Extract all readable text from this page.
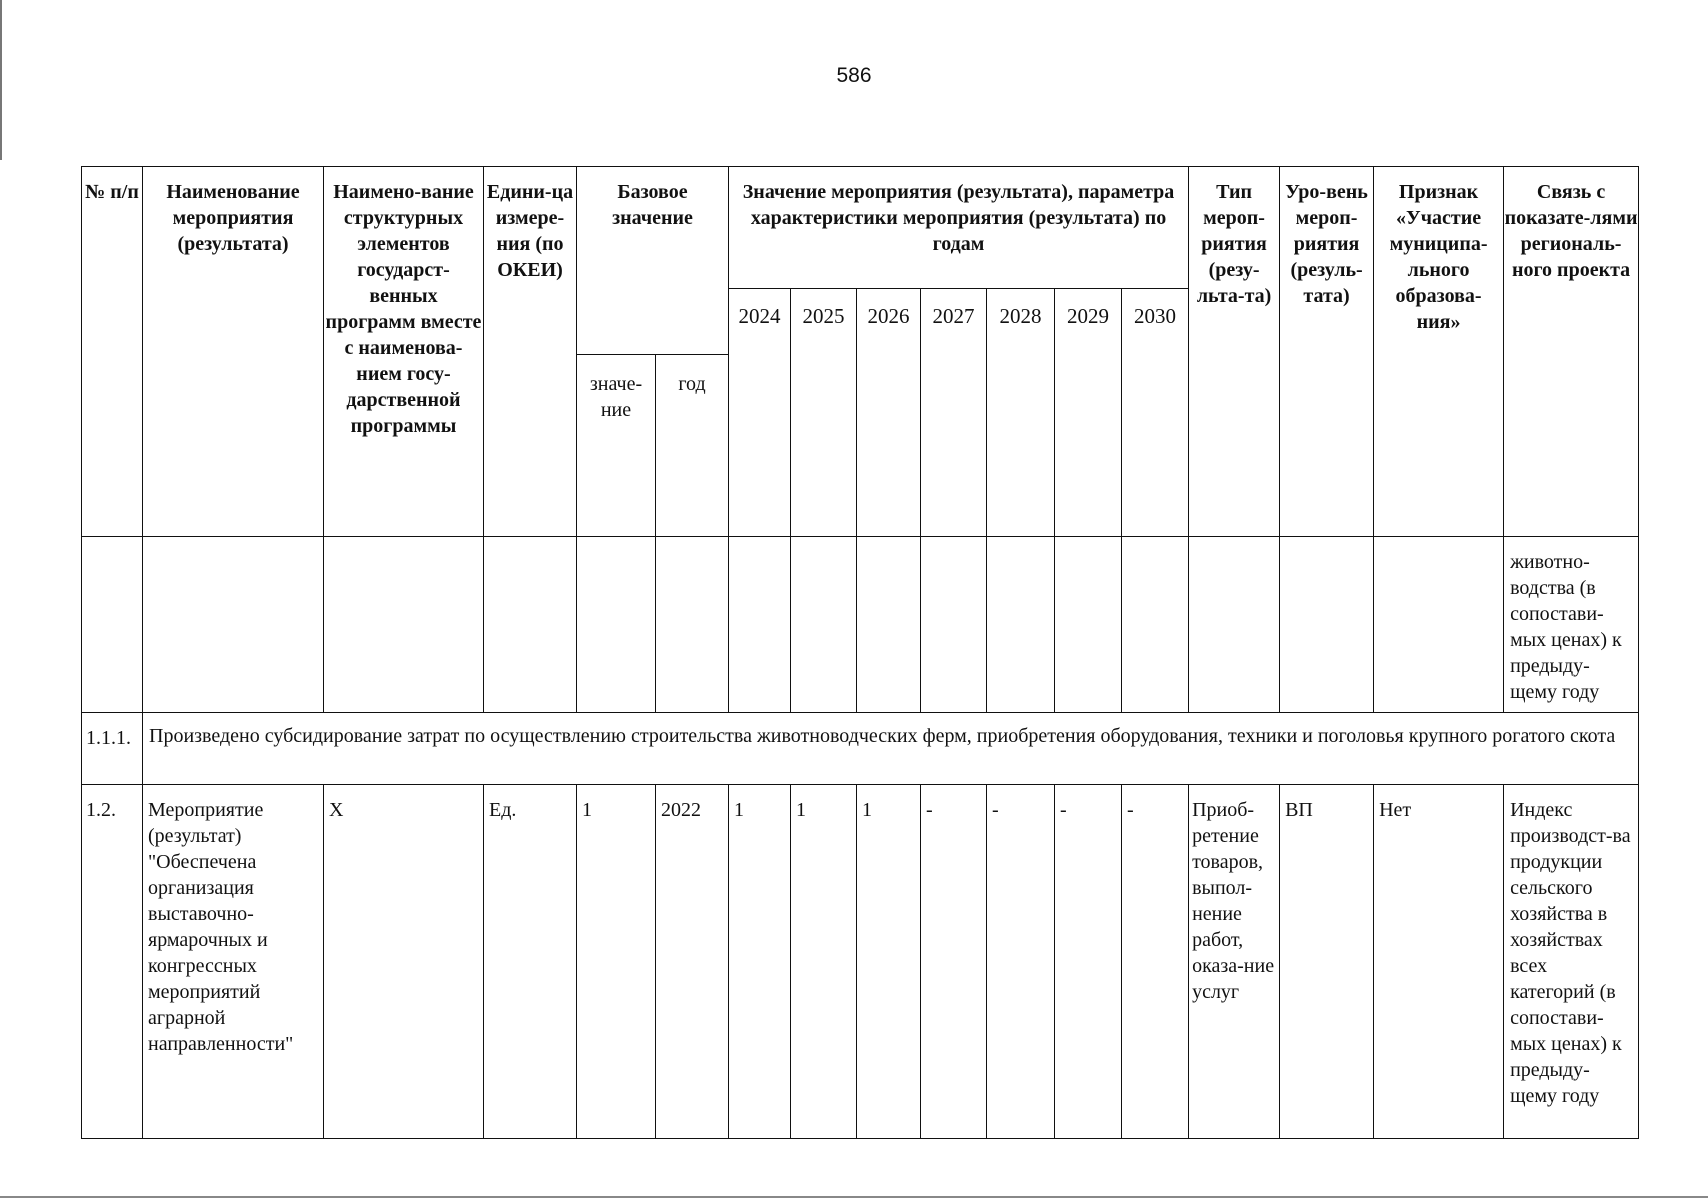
586
№ п/п	Наименование мероприятия (результата)	Наимено-вание структурных элементов государст-венных программ вместе с наименова-нием госу-дарственной программы	Едини-ца измере-ния (по ОКЕИ)	Базовое значение		Значение мероприятия (результата), параметра характеристики мероприятия (результата) по годам							Тип мероп-риятия (резу-льта-та)	Уро-вень мероп-риятия (резуль-тата)	Признак «Участие муниципа-льного образова-ния»	Связь с показате-лями региональ-ного проекта
						2024	2025	2026	2027	2028	2029	2030				
				значе-ние	год											
																животно-водства (в сопостави-мых ценах) к предыду-щему году
1.1.1.	Произведено субсидирование затрат по осуществлению строительства животноводческих ферм, приобретения оборудования, техники и поголовья крупного рогатого скота															
1.2.	Мероприятие (результат) "Обеспечена организация выставочно-ярмарочных и конгрессных мероприятий аграрной направленности"	Х	Ед.	1	2022	1	1	1	-	-	-	-	Приоб-ретение товаров, выпол-нение работ, оказа-ние услуг	ВП	Нет	Индекс производст-ва продукции сельского хозяйства в хозяйствах всех категорий (в сопостави-мых ценах) к предыду-щему году
